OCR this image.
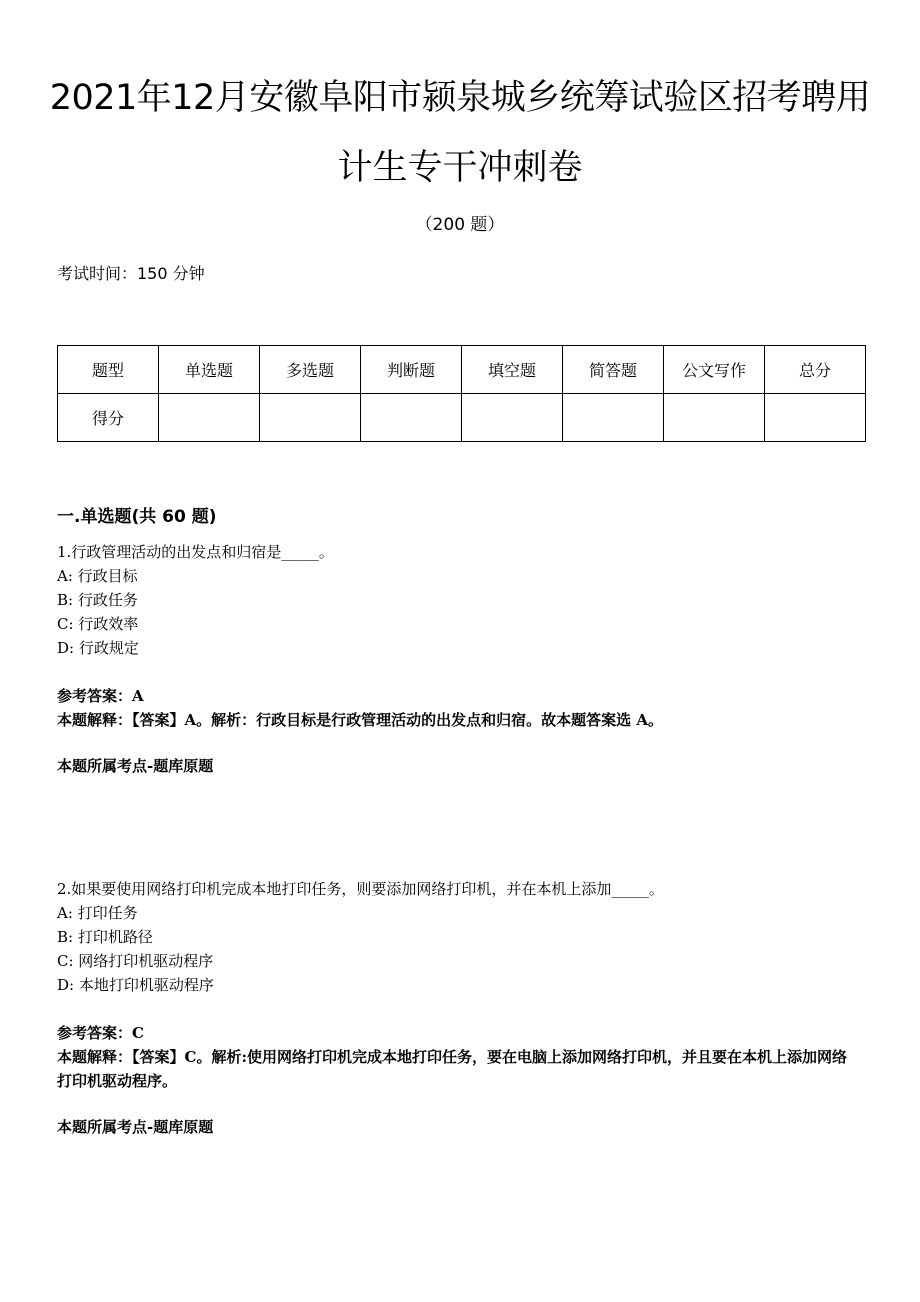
2021年12月安徽阜阳市颍泉城乡统筹试验区招考聘用
计生专干冲刺卷
（200 题）
考试时间：150 分钟
题型	单选题	多选题	判断题	填空题	简答题	公文写作	总分
得分							
一.单选题(共 60 题)
1.行政管理活动的出发点和归宿是_____。
A: 行政目标
B: 行政任务
C: 行政效率
D: 行政规定
参考答案：A
本题解释：【答案】A。解析：行政目标是行政管理活动的出发点和归宿。故本题答案选 A。
本题所属考点-题库原题
2.如果要使用网络打印机完成本地打印任务，则要添加网络打印机，并在本机上添加_____。
A: 打印任务
B: 打印机路径
C: 网络打印机驱动程序
D: 本地打印机驱动程序
参考答案：C
本题解释：【答案】C。解析:使用网络打印机完成本地打印任务，要在电脑上添加网络打印机，并且要在本机上添加网络打印机驱动程序。
本题所属考点-题库原题
